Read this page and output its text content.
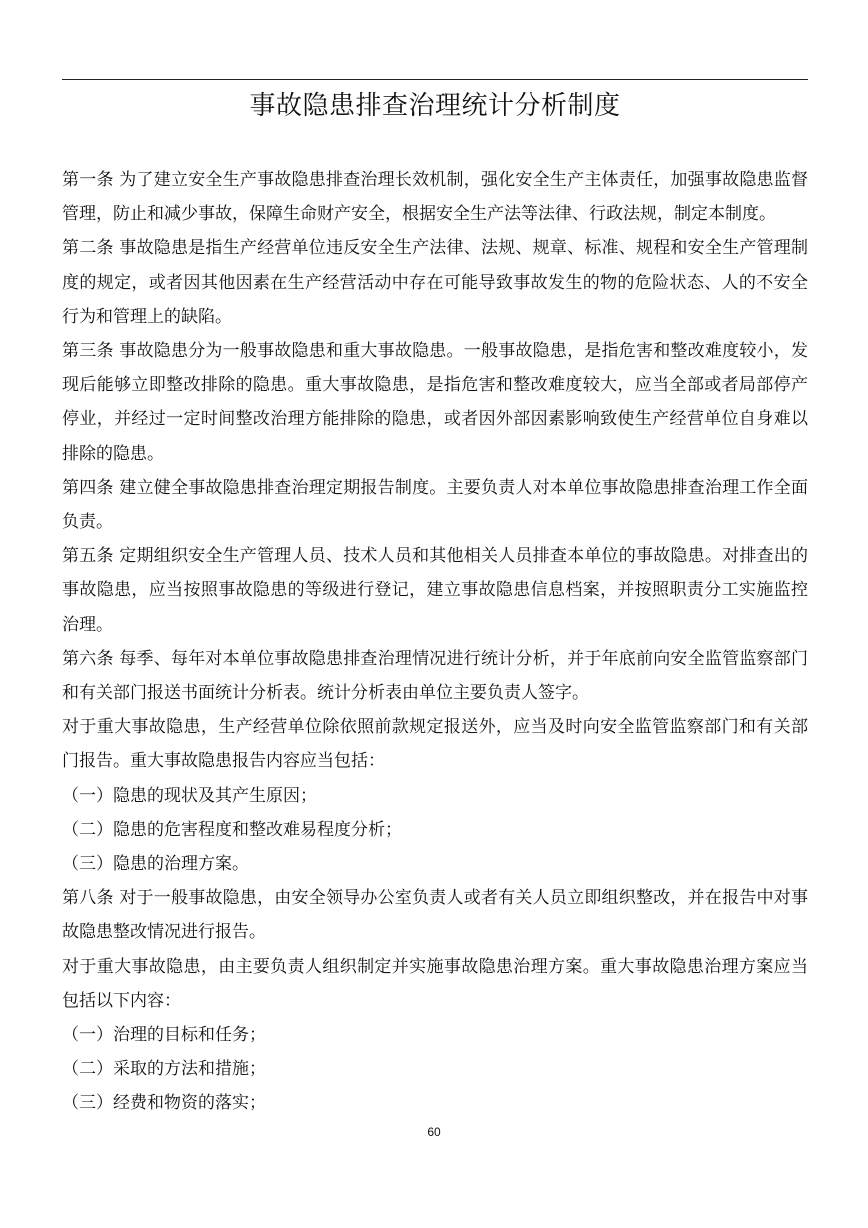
事故隐患排查治理统计分析制度

第一条 为了建立安全生产事故隐患排查治理长效机制，强化安全生产主体责任，加强事故隐患监督管理，防止和减少事故，保障生命财产安全，根据安全生产法等法律、行政法规，制定本制度。

第二条 事故隐患是指生产经营单位违反安全生产法律、法规、规章、标准、规程和安全生产管理制度的规定，或者因其他因素在生产经营活动中存在可能导致事故发生的物的危险状态、人的不安全行为和管理上的缺陷。

第三条 事故隐患分为一般事故隐患和重大事故隐患。一般事故隐患，是指危害和整改难度较小，发现后能够立即整改排除的隐患。重大事故隐患，是指危害和整改难度较大，应当全部或者局部停产停业，并经过一定时间整改治理方能排除的隐患，或者因外部因素影响致使生产经营单位自身难以排除的隐患。

第四条 建立健全事故隐患排查治理定期报告制度。主要负责人对本单位事故隐患排查治理工作全面负责。

第五条 定期组织安全生产管理人员、技术人员和其他相关人员排查本单位的事故隐患。对排查出的事故隐患，应当按照事故隐患的等级进行登记，建立事故隐患信息档案，并按照职责分工实施监控治理。

第六条 每季、每年对本单位事故隐患排查治理情况进行统计分析，并于年底前向安全监管监察部门和有关部门报送书面统计分析表。统计分析表由单位主要负责人签字。

对于重大事故隐患，生产经营单位除依照前款规定报送外，应当及时向安全监管监察部门和有关部门报告。重大事故隐患报告内容应当包括：

（一）隐患的现状及其产生原因；

（二）隐患的危害程度和整改难易程度分析；

（三）隐患的治理方案。

第八条 对于一般事故隐患，由安全领导办公室负责人或者有关人员立即组织整改，并在报告中对事故隐患整改情况进行报告。

对于重大事故隐患，由主要负责人组织制定并实施事故隐患治理方案。重大事故隐患治理方案应当包括以下内容：

（一）治理的目标和任务；

（二）采取的方法和措施；

（三）经费和物资的落实；

60
